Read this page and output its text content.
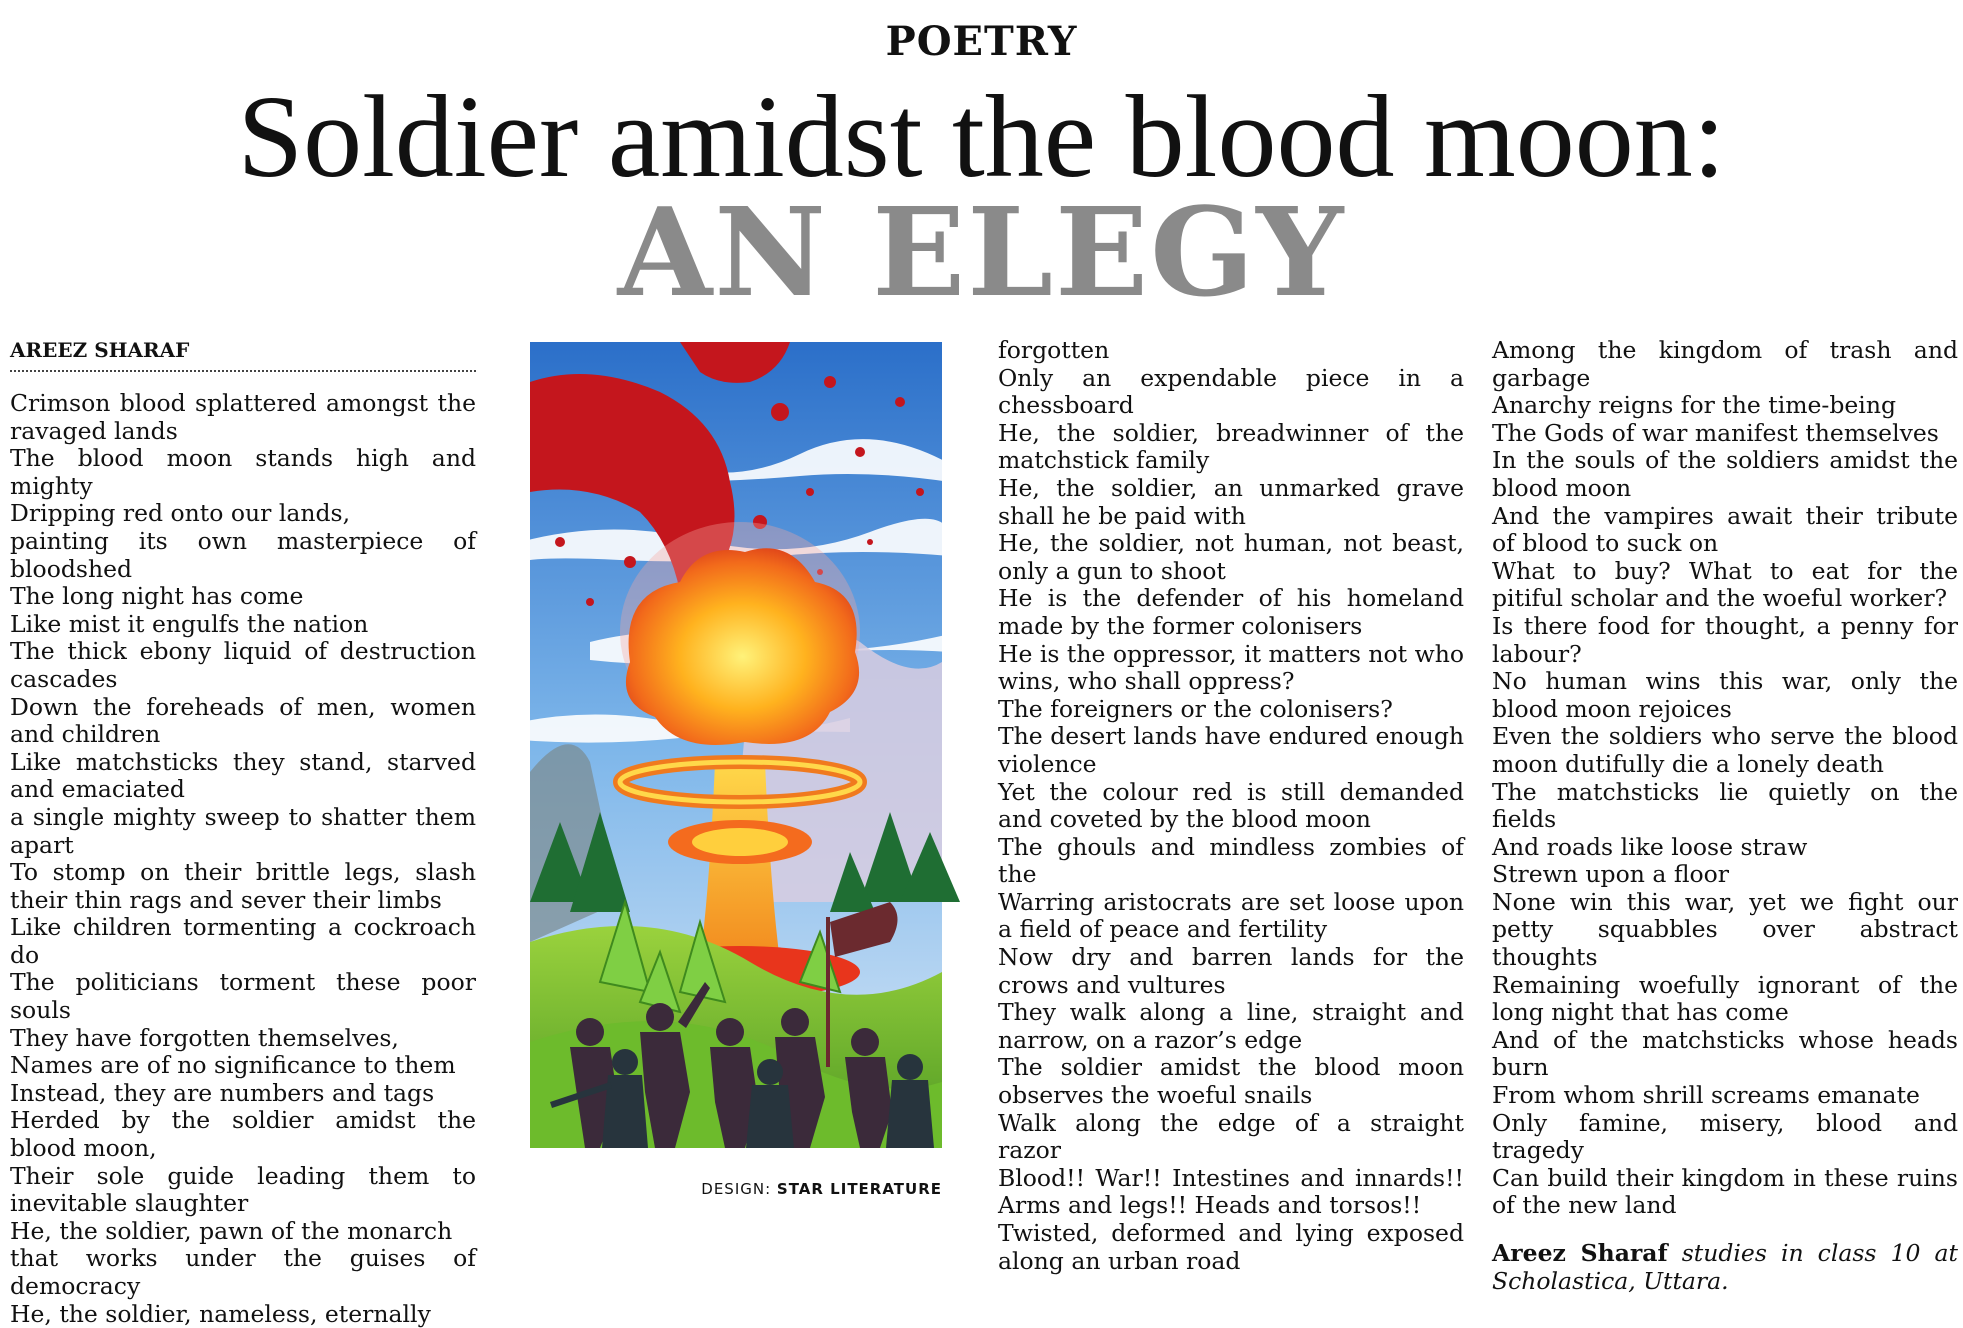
POETRY
Soldier amidst the blood moon:
AN ELEGY
AREEZ SHARAF

Crimson blood splattered amongst the ravaged lands

The blood moon stands high and mighty

Dripping red onto our lands,

painting its own masterpiece of bloodshed

The long night has come

Like mist it engulfs the nation

The thick ebony liquid of destruction cascades

Down the foreheads of men, women and children

Like matchsticks they stand, starved and emaciated

a single mighty sweep to shatter them apart

To stomp on their brittle legs, slash their thin rags and sever their limbs

Like children tormenting a cockroach do

The politicians torment these poor souls

They have forgotten themselves,

Names are of no significance to them

Instead, they are numbers and tags

Herded by the soldier amidst the blood moon,

Their sole guide leading them to inevitable slaughter

He, the soldier, pawn of the monarch

that works under the guises of democracy

He, the soldier, nameless, eternally

DESIGN: STAR LITERATURE

forgotten

Only an expendable piece in a chessboard

He, the soldier, breadwinner of the matchstick family

He, the soldier, an unmarked grave shall he be paid with

He, the soldier, not human, not beast, only a gun to shoot

He is the defender of his homeland made by the former colonisers

He is the oppressor, it matters not who wins, who shall oppress?

The foreigners or the colonisers?

The desert lands have endured enough violence

Yet the colour red is still demanded and coveted by the blood moon

The ghouls and mindless zombies of the

Warring aristocrats are set loose upon a field of peace and fertility

Now dry and barren lands for the crows and vultures

They walk along a line, straight and narrow, on a razor’s edge

The soldier amidst the blood moon observes the woeful snails

Walk along the edge of a straight razor

Blood!! War!! Intestines and innards!! Arms and legs!! Heads and torsos!!

Twisted, deformed and lying exposed along an urban road

Among the kingdom of trash and garbage

Anarchy reigns for the time-being

The Gods of war manifest themselves

In the souls of the soldiers amidst the blood moon

And the vampires await their tribute of blood to suck on

What to buy? What to eat for the pitiful scholar and the woeful worker?

Is there food for thought, a penny for labour?

No human wins this war, only the blood moon rejoices

Even the soldiers who serve the blood moon dutifully die a lonely death

The matchsticks lie quietly on the fields

And roads like loose straw

Strewn upon a floor

None win this war, yet we fight our petty squabbles over abstract thoughts

Remaining woefully ignorant of the long night that has come

And of the matchsticks whose heads burn

From whom shrill screams emanate

Only famine, misery, blood and tragedy

Can build their kingdom in these ruins of the new land

Areez Sharaf studies in class 10 at Scholastica, Uttara.
